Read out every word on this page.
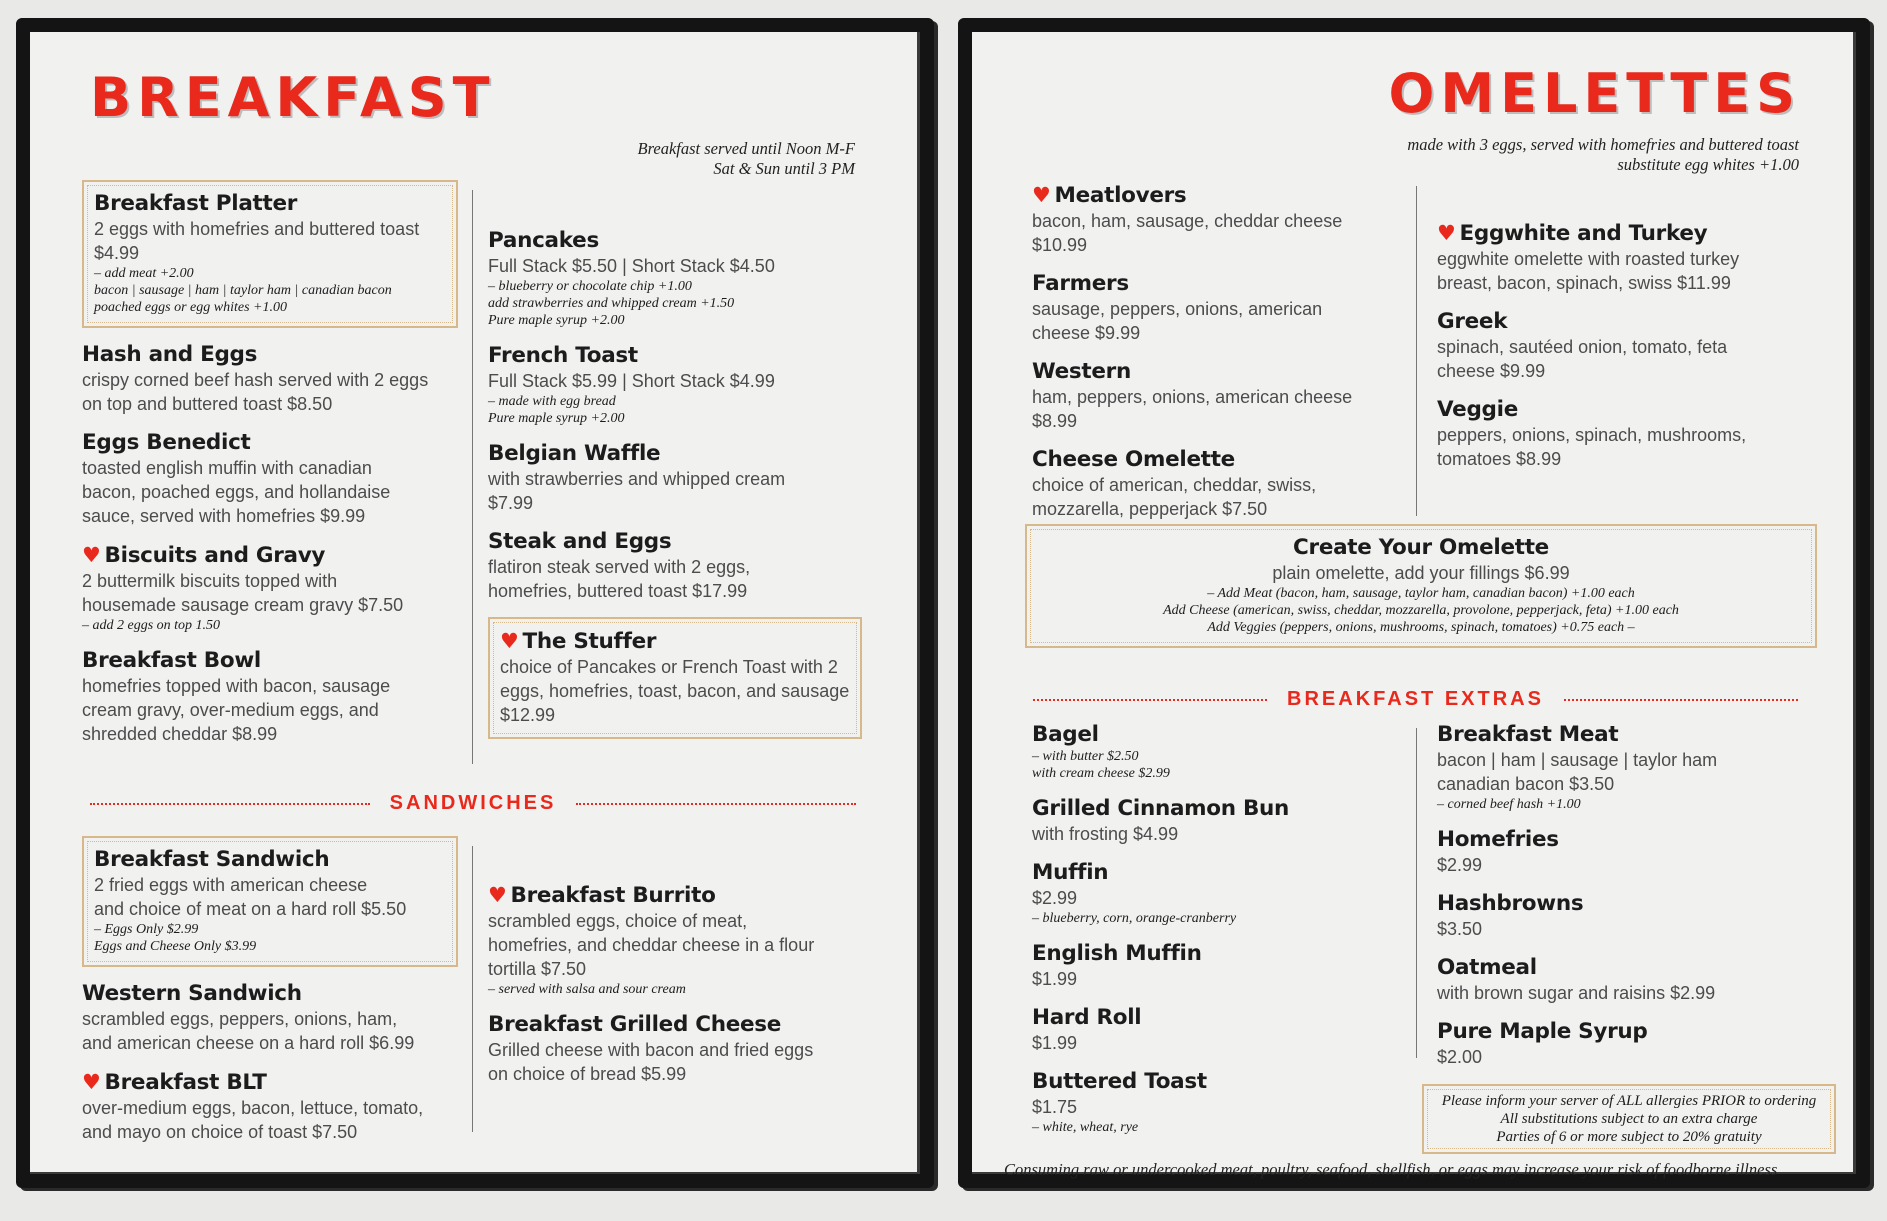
BREAKFAST
Breakfast served until Noon M-F
Sat & Sun until 3 PM
Breakfast Platter
2 eggs with homefries and buttered toast
$4.99
– add meat +2.00
bacon | sausage | ham | taylor ham | canadian bacon
poached eggs or egg whites +1.00
Hash and Eggs
crispy corned beef hash served with 2 eggs
on top and buttered toast $8.50
Eggs Benedict
toasted english muffin with canadian
bacon, poached eggs, and hollandaise
sauce, served with homefries $9.99
♥ Biscuits and Gravy
2 buttermilk biscuits topped with
housemade sausage cream gravy $7.50
– add 2 eggs on top 1.50
Breakfast Bowl
homefries topped with bacon, sausage
cream gravy, over-medium eggs, and
shredded cheddar $8.99
Pancakes
Full Stack $5.50 | Short Stack $4.50
– blueberry or chocolate chip +1.00
add strawberries and whipped cream +1.50
Pure maple syrup +2.00
French Toast
Full Stack $5.99 | Short Stack $4.99
– made with egg bread
Pure maple syrup +2.00
Belgian Waffle
with strawberries and whipped cream
$7.99
Steak and Eggs
flatiron steak served with 2 eggs,
homefries, buttered toast $17.99
♥ The Stuffer
choice of Pancakes or French Toast with 2
eggs, homefries, toast, bacon, and sausage
$12.99
SANDWICHES
Breakfast Sandwich
2 fried eggs with american cheese
and choice of meat on a hard roll $5.50
– Eggs Only $2.99
Eggs and Cheese Only $3.99
Western Sandwich
scrambled eggs, peppers, onions, ham,
and american cheese on a hard roll $6.99
♥ Breakfast BLT
over-medium eggs, bacon, lettuce, tomato,
and mayo on choice of toast $7.50
♥ Breakfast Burrito
scrambled eggs, choice of meat,
homefries, and cheddar cheese in a flour
tortilla $7.50
– served with salsa and sour cream
Breakfast Grilled Cheese
Grilled cheese with bacon and fried eggs
on choice of bread $5.99
OMELETTES
made with 3 eggs, served with homefries and buttered toast
substitute egg whites +1.00
♥ Meatlovers
bacon, ham, sausage, cheddar cheese
$10.99
Farmers
sausage, peppers, onions, american
cheese $9.99
Western
ham, peppers, onions, american cheese
$8.99
Cheese Omelette
choice of american, cheddar, swiss,
mozzarella, pepperjack $7.50
♥ Eggwhite and Turkey
eggwhite omelette with roasted turkey
breast, bacon, spinach, swiss $11.99
Greek
spinach, sautéed onion, tomato, feta
cheese $9.99
Veggie
peppers, onions, spinach, mushrooms,
tomatoes $8.99
Create Your Omelette
plain omelette, add your fillings $6.99
– Add Meat (bacon, ham, sausage, taylor ham, canadian bacon) +1.00 each
Add Cheese (american, swiss, cheddar, mozzarella, provolone, pepperjack, feta) +1.00 each
Add Veggies (peppers, onions, mushrooms, spinach, tomatoes) +0.75 each –
BREAKFAST EXTRAS
Bagel
– with butter $2.50
with cream cheese $2.99
Grilled Cinnamon Bun
with frosting $4.99
Muffin
$2.99
– blueberry, corn, orange-cranberry
English Muffin
$1.99
Hard Roll
$1.99
Buttered Toast
$1.75
– white, wheat, rye
Breakfast Meat
bacon | ham | sausage | taylor ham
canadian bacon $3.50
– corned beef hash +1.00
Homefries
$2.99
Hashbrowns
$3.50
Oatmeal
with brown sugar and raisins $2.99
Pure Maple Syrup
$2.00
Please inform your server of ALL allergies PRIOR to ordering
All substitutions subject to an extra charge
Parties of 6 or more subject to 20% gratuity
Consuming raw or undercooked meat, poultry, seafood, shellfish, or eggs may increase your risk of foodborne illness
